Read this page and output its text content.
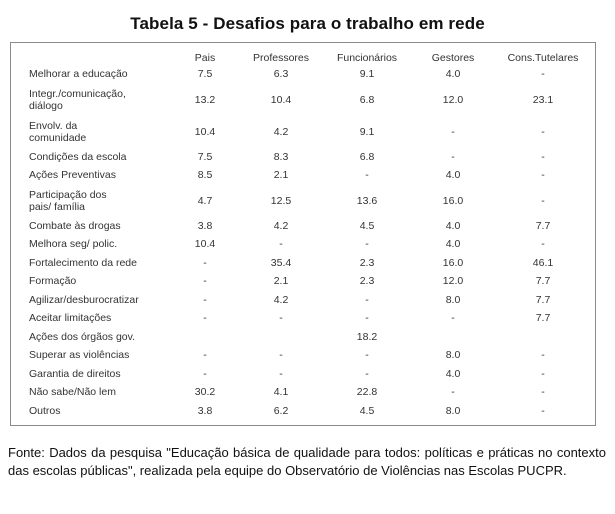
Tabela 5 - Desafios para o trabalho em rede
	Pais	Professores	Funcionários	Gestores	Cons.Tutelares
Melhorar a educação	7.5	6.3	9.1	4.0	-
Integr./comunicação, diálogo	13.2	10.4	6.8	12.0	23.1
Envolv. da comunidade	10.4	4.2	9.1	-	-
Condições da escola	7.5	8.3	6.8	-	-
Ações Preventivas	8.5	2.1	-	4.0	-
Participação dos pais/ família	4.7	12.5	13.6	16.0	-
Combate às drogas	3.8	4.2	4.5	4.0	7.7
Melhora seg/ polic.	10.4	-	-	4.0	-
Fortalecimento da rede	-	35.4	2.3	16.0	46.1
Formação	-	2.1	2.3	12.0	7.7
Agilizar/desburocratizar	-	4.2	-	8.0	7.7
Aceitar limitações	-	-	-	-	7.7
Ações dos órgãos gov.			18.2		
Superar as violências	-	-	-	8.0	-
Garantia de direitos	-	-	-	4.0	-
Não sabe/Não lem	30.2	4.1	22.8	-	-
Outros	3.8	6.2	4.5	8.0	-
Fonte: Dados da pesquisa "Educação básica de qualidade para todos: políticas e práticas no contexto das escolas públicas", realizada pela equipe do Observatório de Violências nas Escolas PUCPR.
